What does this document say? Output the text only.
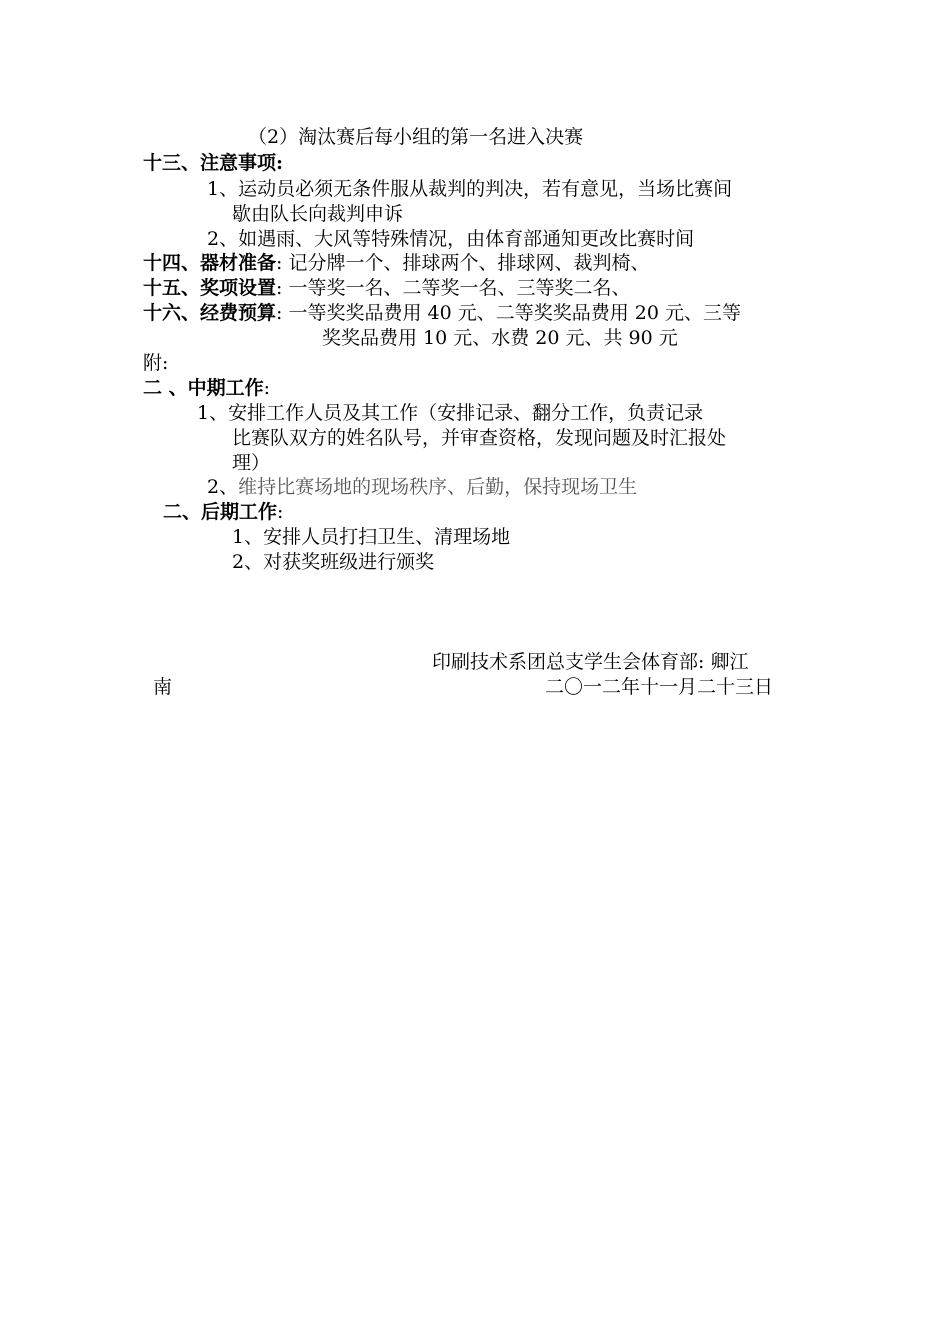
（2）淘汰赛后每小组的第一名进入决赛
十三、注意事项:
1、运动员必须无条件服从裁判的判决，若有意见，当场比赛间
歇由队长向裁判申诉
2、如遇雨、大风等特殊情况，由体育部通知更改比赛时间
十四、器材准备: 记分牌一个、排球两个、排球网、裁判椅、
十五、奖项设置: 一等奖一名、二等奖一名、三等奖二名、
十六、经费预算: 一等奖奖品费用 40 元、二等奖奖品费用 20 元、三等
奖奖品费用 10 元、水费 20 元、共 90 元
附:
二 、中期工作:
1、安排工作人员及其工作（安排记录、翻分工作，负责记录
比赛队双方的姓名队号，并审查资格，发现问题及时汇报处
理）
2、维持比赛场地的现场秩序、后勤，保持现场卫生
二、后期工作:
1、安排人员打扫卫生、清理场地
2、对获奖班级进行颁奖
印刷技术系团总支学生会体育部: 卿江
南	二〇一二年十一月二十三日
